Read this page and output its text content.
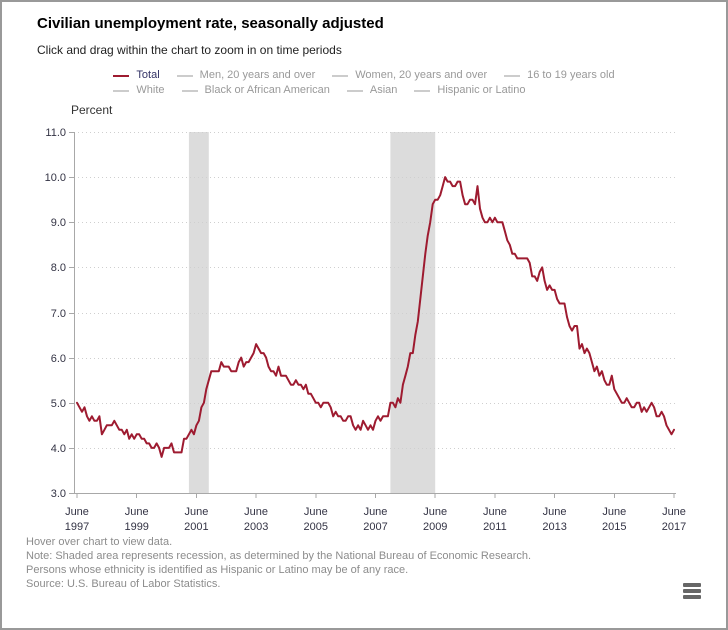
Civilian unemployment rate, seasonally adjusted
Click and drag within the chart to zoom in on time periods
Total	Men, 20 years and over	Women, 20 years and over	16 to 19 years old
White	Black or African American	Asian	Hispanic or Latino
Percent
3.0
4.0
5.0
6.0
7.0
8.0
9.0
10.0
11.0
June
1997
June
1999
June
2001
June
2003
June
2005
June
2007
June
2009
June
2011
June
2013
June
2015
June
2017
Hover over chart to view data.
Note: Shaded area represents recession, as determined by the National Bureau of Economic Research.
Persons whose ethnicity is identified as Hispanic or Latino may be of any race.
Source: U.S. Bureau of Labor Statistics.
